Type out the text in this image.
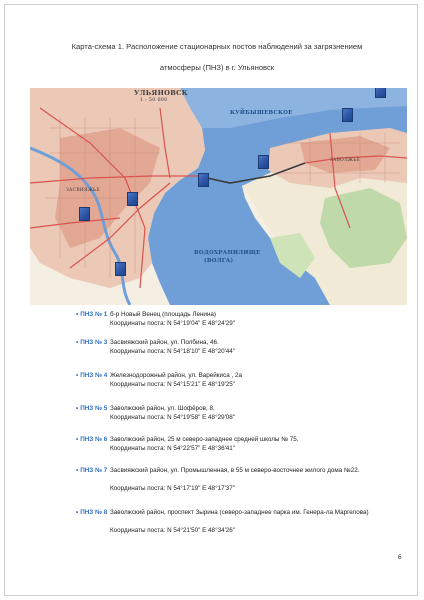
Карта-схема 1. Расположение стационарных постов наблюдений за загрязнением
атмосферы (ПНЗ) в г. Ульяновск
УЛЬЯНОВСК
1 : 50 000
КУЙБЫШЕВСКОЕ
ВОДОХРАНИЛИЩЕ
(ВОЛГА)
ЗАСВИЯЖЬЕ
ЗАВОЛЖЬЕ
• ПНЗ № 1 б-р Новый Венец (площадь Ленина)
Координаты поста: N 54°19'04" E 48°24'29"
• ПНЗ № 3 Засвияжский район, ул. Полбина, 46.
Координаты поста: N 54°18'10" E 48°20'44"
• ПНЗ № 4 Железнодорожный район, ул. Варейкиса , 2а
Координаты поста: N 54°15'21" E 48°19'25"
• ПНЗ № 5 Заволжский район, ул. Шофёров, 8.
Координаты поста: N 54°19'58" E 48°29'08"
• ПНЗ № 6 Заволжский район, 25 м северо-западнее средней школы № 75.
Координаты поста: N 54°22'57" E 48°36'41"
• ПНЗ № 7 Засвияжский район, ул. Промышленная, в 55 м северо-восточнее жилого дома №22.
Координаты поста: N 54°17'19" E 48°17'37"
• ПНЗ № 8 Заволжский район, проспект Зырина (северо-западнее парка им. Генера-ла Маргелова)
Координаты поста: N 54°21'50" E 48°34'26"
6
